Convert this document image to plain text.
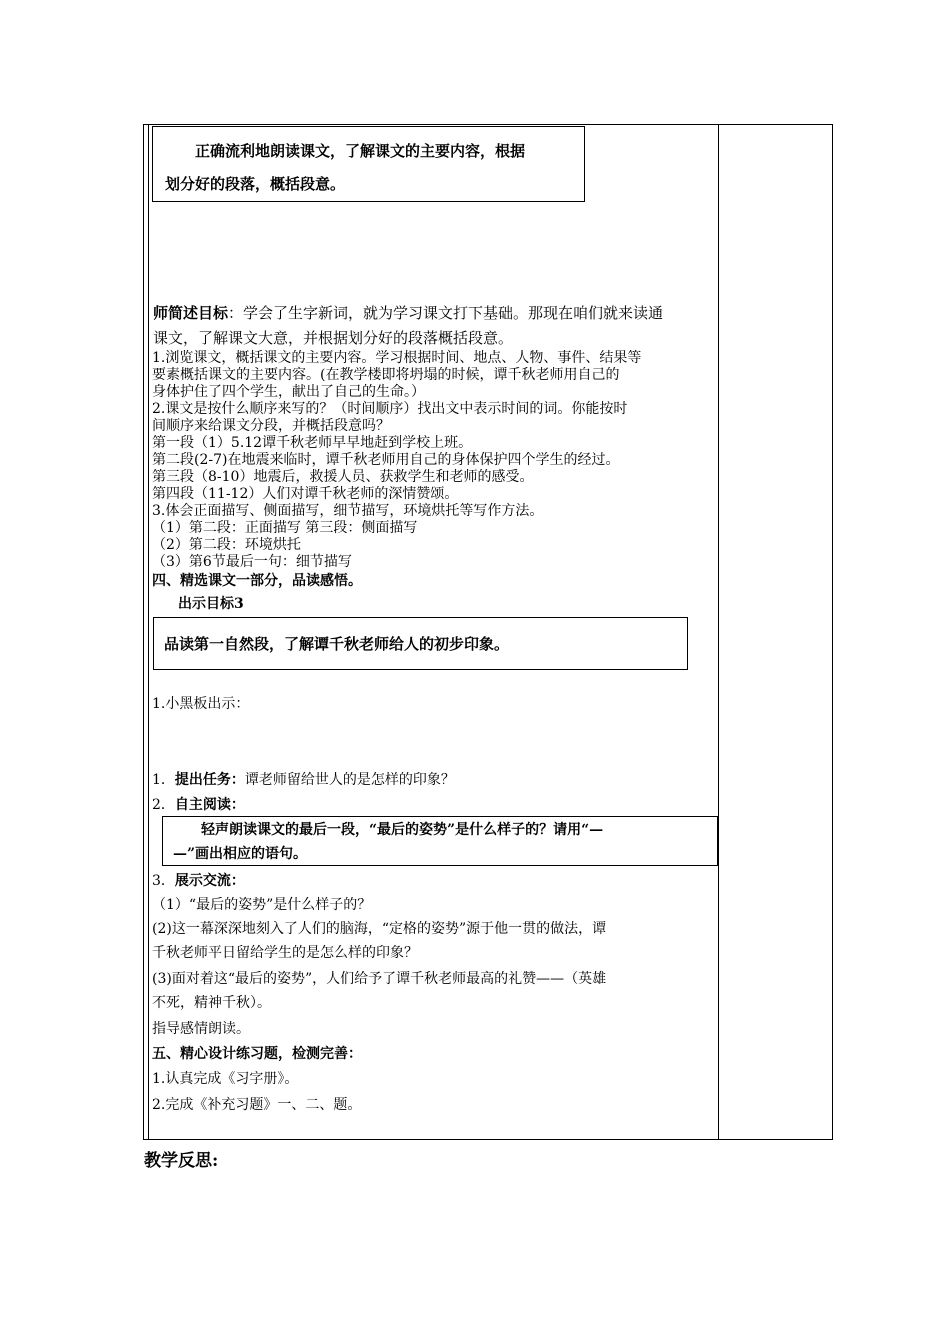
　　正确流利地朗读课文，了解课文的主要内容，根据
划分好的段落，概括段意。
师简述目标：学会了生字新词，就为学习课文打下基础。那现在咱们就来读通
课文，了解课文大意，并根据划分好的段落概括段意。
1.浏览课文，概括课文的主要内容。学习根据时间、地点、人物、事件、结果等
要素概括课文的主要内容。(在教学楼即将坍塌的时候，谭千秋老师用自己的
身体护住了四个学生，献出了自己的生命。）
2.课文是按什么顺序来写的？（时间顺序）找出文中表示时间的词。你能按时
间顺序来给课文分段，并概括段意吗？
第一段（1）5.12谭千秋老师早早地赶到学校上班。
第二段(2-7)在地震来临时，谭千秋老师用自己的身体保护四个学生的经过。
第三段（8-10）地震后，救援人员、获救学生和老师的感受。
第四段（11-12）人们对谭千秋老师的深情赞颂。
3.体会正面描写、侧面描写，细节描写，环境烘托等写作方法。
（1）第二段：正面描写 第三段：侧面描写
（2）第二段：环境烘托
（3）第6节最后一句：细节描写
四、精选课文一部分，品读感悟。
出示目标3
品读第一自然段，了解谭千秋老师给人的初步印象。
1.小黑板出示：
1．提出任务：谭老师留给世人的是怎样的印象？
2．自主阅读：
　　轻声朗读课文的最后一段，“最后的姿势”是什么样子的？请用“—
—”画出相应的语句。
3．展示交流：
（1）“最后的姿势”是什么样子的？
(2)这一幕深深地刻入了人们的脑海，“定格的姿势”源于他一贯的做法，谭
千秋老师平日留给学生的是怎么样的印象？
(3)面对着这“最后的姿势”，人们给予了谭千秋老师最高的礼赞——（英雄
不死，精神千秋）。
指导感情朗读。
五、精心设计练习题，检测完善：
1.认真完成《习字册》。
2.完成《补充习题》一、二、题。
教学反思:
